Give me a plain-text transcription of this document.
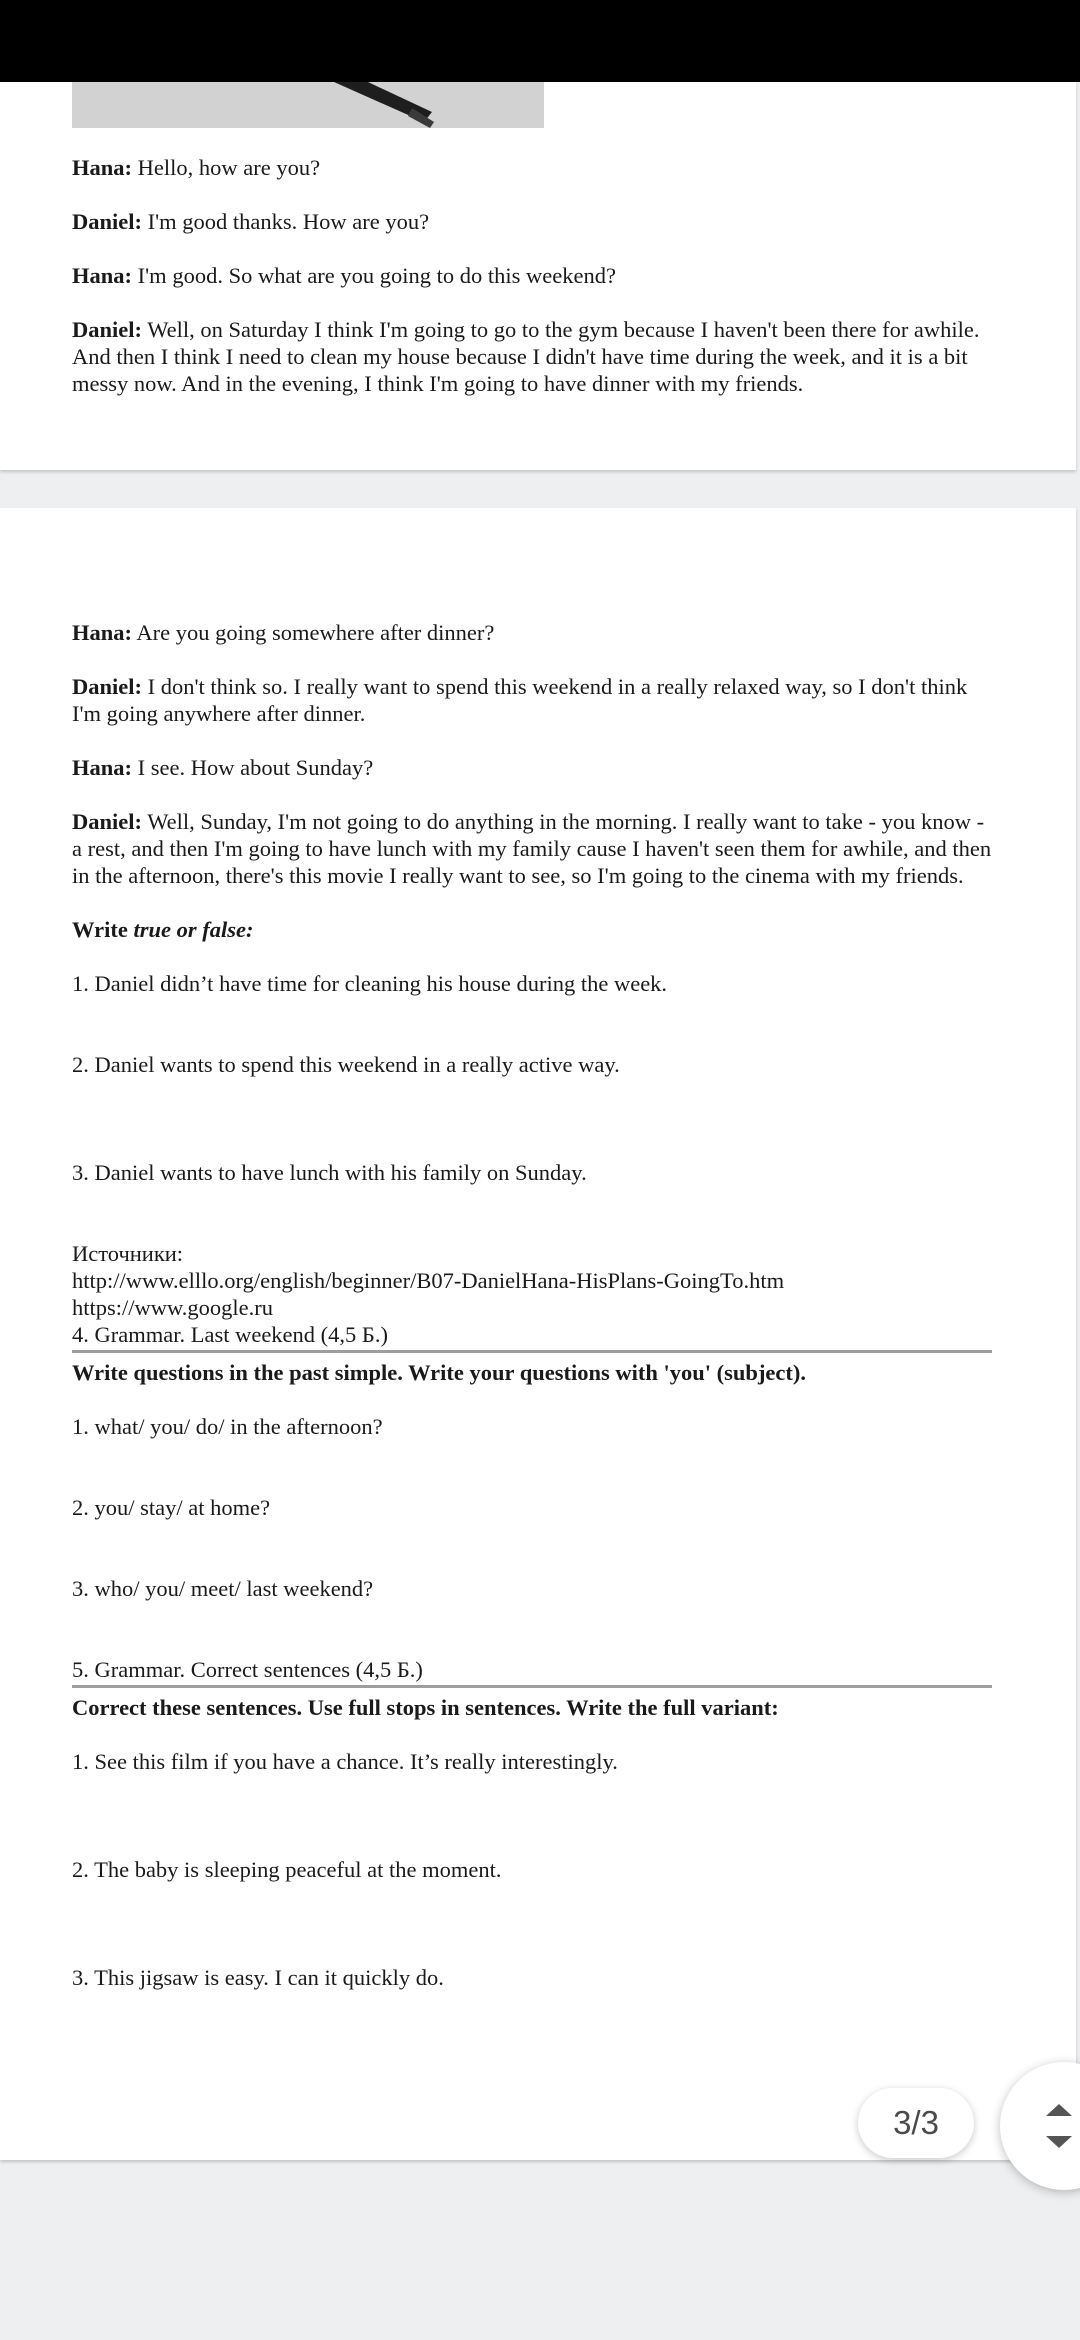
Hana: Hello, how are you?

Daniel: I'm good thanks. How are you?

Hana: I'm good. So what are you going to do this weekend?

Daniel: Well, on Saturday I think I'm going to go to the gym because I haven't been there for awhile. And then I think I need to clean my house because I didn't have time during the week, and it is a bit messy now. And in the evening, I think I'm going to have dinner with my friends.

Hana: Are you going somewhere after dinner?

Daniel: I don't think so. I really want to spend this weekend in a really relaxed way, so I don't think I'm going anywhere after dinner.

Hana: I see. How about Sunday?

Daniel: Well, Sunday, I'm not going to do anything in the morning. I really want to take - you know - a rest, and then I'm going to have lunch with my family cause I haven't seen them for awhile, and then in the afternoon, there's this movie I really want to see, so I'm going to the cinema with my friends.

Write true or false:

1. Daniel didn’t have time for cleaning his house during the week.

2. Daniel wants to spend this weekend in a really active way.

3. Daniel wants to have lunch with his family on Sunday.

Источники:

http://www.elllo.org/english/beginner/B07-DanielHana-HisPlans-GoingTo.htm

https://www.google.ru

4. Grammar. Last weekend (4,5 Б.)

Write questions in the past simple. Write your questions with 'you' (subject).

1. what/ you/ do/ in the afternoon?

2. you/ stay/ at home?

3. who/ you/ meet/ last weekend?

5. Grammar. Correct sentences (4,5 Б.)

Correct these sentences. Use full stops in sentences. Write the full variant:

1. See this film if you have a chance. It’s really interestingly.

2. The baby is sleeping peaceful at the moment.

3. This jigsaw is easy. I can it quickly do.

3/3
